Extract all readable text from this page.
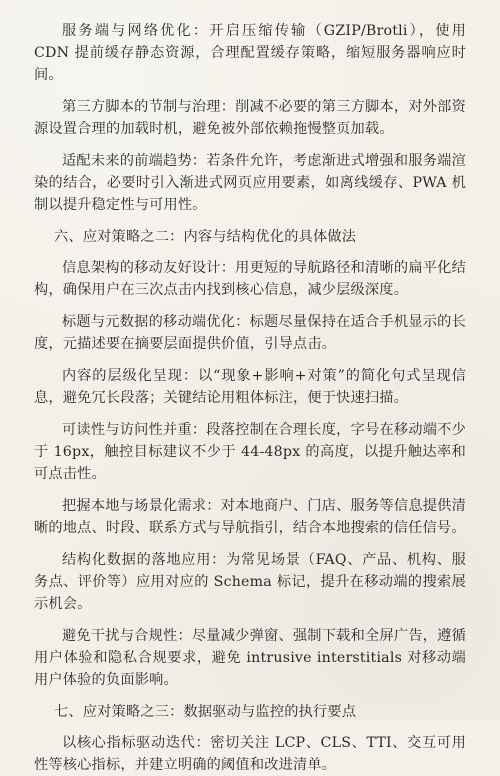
服务端与网络优化：开启压缩传输（GZIP/Brotli），使用 CDN 提前缓存静态资源，合理配置缓存策略，缩短服务器响应时间。

第三方脚本的节制与治理：削减不必要的第三方脚本，对外部资源设置合理的加载时机，避免被外部依赖拖慢整页加载。

适配未来的前端趋势：若条件允许，考虑渐进式增强和服务端渲染的结合，必要时引入渐进式网页应用要素，如离线缓存、PWA 机制以提升稳定性与可用性。

六、应对策略之二：内容与结构优化的具体做法

信息架构的移动友好设计：用更短的导航路径和清晰的扁平化结构，确保用户在三次点击内找到核心信息，减少层级深度。

标题与元数据的移动端优化：标题尽量保持在适合手机显示的长度，元描述要在摘要层面提供价值，引导点击。

内容的层级化呈现：以“现象+影响+对策”的简化句式呈现信息，避免冗长段落；关键结论用粗体标注，便于快速扫描。

可读性与访问性并重：段落控制在合理长度，字号在移动端不少于 16px，触控目标建议不少于 44-48px 的高度，以提升触达率和可点击性。

把握本地与场景化需求：对本地商户、门店、服务等信息提供清晰的地点、时段、联系方式与导航指引，结合本地搜索的信任信号。

结构化数据的落地应用：为常见场景（FAQ、产品、机构、服务点、评价等）应用对应的 Schema 标记，提升在移动端的搜索展示机会。

避免干扰与合规性：尽量减少弹窗、强制下载和全屏广告，遵循用户体验和隐私合规要求，避免 intrusive interstitials 对移动端用户体验的负面影响。

七、应对策略之三：数据驱动与监控的执行要点

以核心指标驱动迭代：密切关注 LCP、CLS、TTI、交互可用性等核心指标，并建立明确的阈值和改进清单。
